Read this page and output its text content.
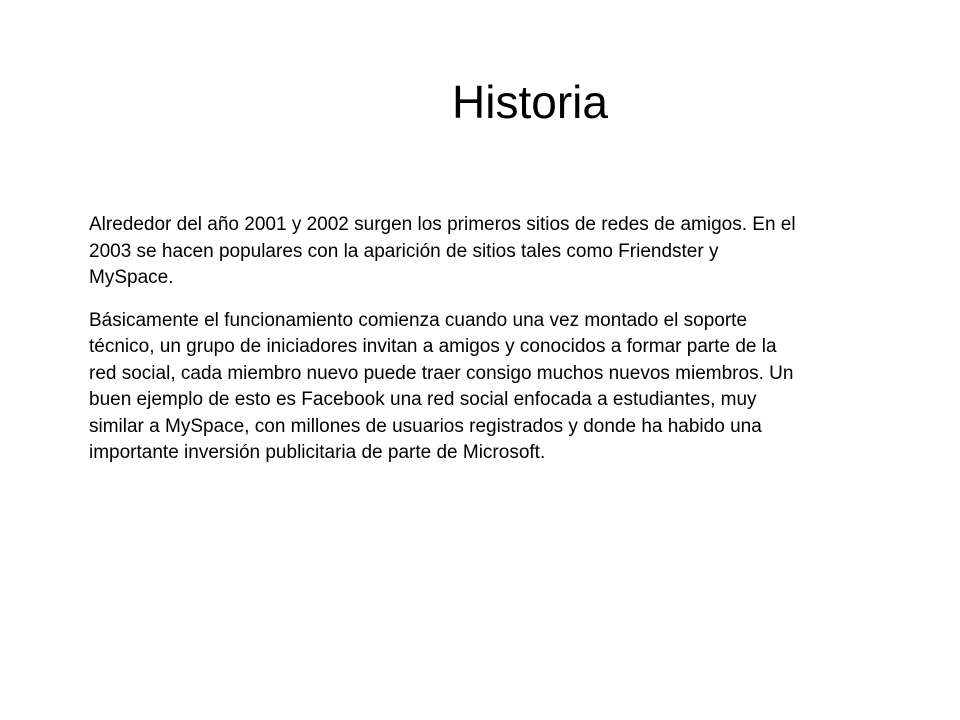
Historia

Alrededor del año 2001 y 2002 surgen los primeros sitios de redes de amigos. En el 2003 se hacen populares con la aparición de sitios tales como Friendster y MySpace.

Básicamente el funcionamiento comienza cuando una vez montado el soporte técnico, un grupo de iniciadores invitan a amigos y conocidos a formar parte de la red social, cada miembro nuevo puede traer consigo muchos nuevos miembros. Un buen ejemplo de esto es Facebook una red social enfocada a estudiantes, muy similar a MySpace, con millones de usuarios registrados y donde ha habido una importante inversión publicitaria de parte de Microsoft.
